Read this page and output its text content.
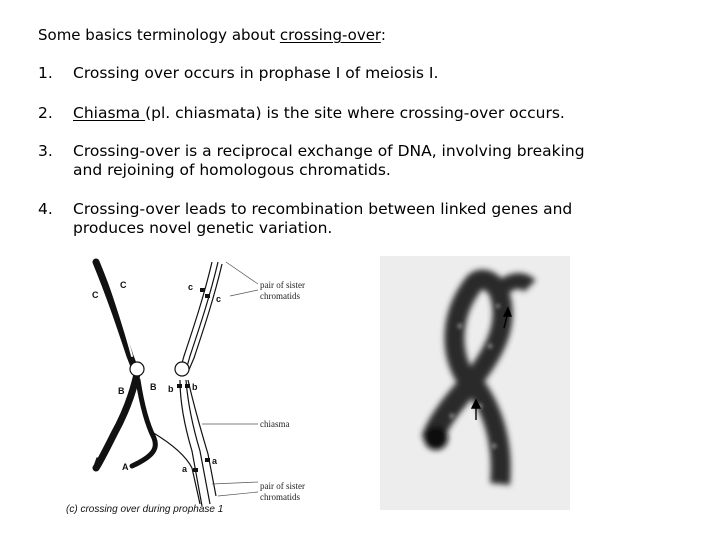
Some basics terminology about crossing-over:
1.	Crossing over occurs in prophase I of meiosis I.
2.	Chiasma (pl. chiasmata) is the site where crossing-over occurs.
3.	Crossing-over is a reciprocal exchange of DNA, involving breaking
and rejoining of homologous chromatids.
4.	Crossing-over leads to recombination between linked genes and
produces novel genetic variation.
C
C	c
c
B	B b b
A
A	a
a
pair of sister
chromatids
chiasma
pair of sister
chromatids
(c) crossing over during prophase 1
